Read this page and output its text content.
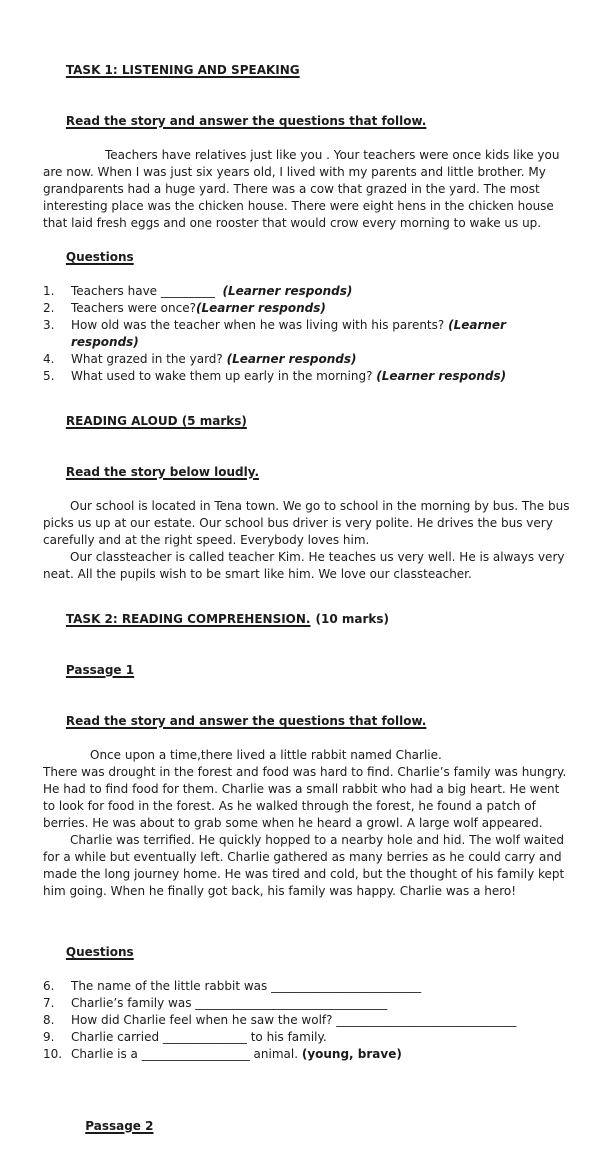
TASK 1: LISTENING AND SPEAKING

Read the story and answer the questions that follow.

Teachers have relatives just like you . Your teachers were once kids like you are now. When I was just six years old, I lived with my parents and little brother. My grandparents had a huge yard. There was a cow that grazed in the yard. The most interesting place was the chicken house. There were eight hens in the chicken house that laid fresh eggs and one rooster that would crow every morning to wake us up.

Questions

1.	Teachers have _________  (Learner responds)
2.	Teachers were once?(Learner responds)
3.	How old was the teacher when he was living with his parents? (Learner responds)
4.	What grazed in the yard? (Learner responds)
5.	What used to wake them up early in the morning? (Learner responds)

READING ALOUD (5 marks)

Read the story below loudly.

Our school is located in Tena town. We go to school in the morning by bus. The bus picks us up at our estate. Our school bus driver is very polite. He drives the bus very carefully and at the right speed. Everybody loves him.

Our classteacher is called teacher Kim. He teaches us very well. He is always very neat. All the pupils wish to be smart like him. We love our classteacher.

TASK 2: READING COMPREHENSION. (10 marks)

Passage 1

Read the story and answer the questions that follow.

Once upon a time,there lived a little rabbit named Charlie.

There was drought in the forest and food was hard to find. Charlie’s family was hungry. He had to find food for them. Charlie was a small rabbit who had a big heart. He went to look for food in the forest. As he walked through the forest, he found a patch of berries. He was about to grab some when he heard a growl. A large wolf appeared.

Charlie was terrified. He quickly hopped to a nearby hole and hid. The wolf waited for a while but eventually left. Charlie gathered as many berries as he could carry and made the long journey home. He was tired and cold, but the thought of his family kept him going. When he finally got back, his family was happy. Charlie was a hero!

Questions

6.	The name of the little rabbit was _________________________
7.	Charlie’s family was ________________________________
8.	How did Charlie feel when he saw the wolf? ______________________________
9.	Charlie carried ______________ to his family.
10. Charlie is a __________________ animal. (young, brave)

Passage 2
